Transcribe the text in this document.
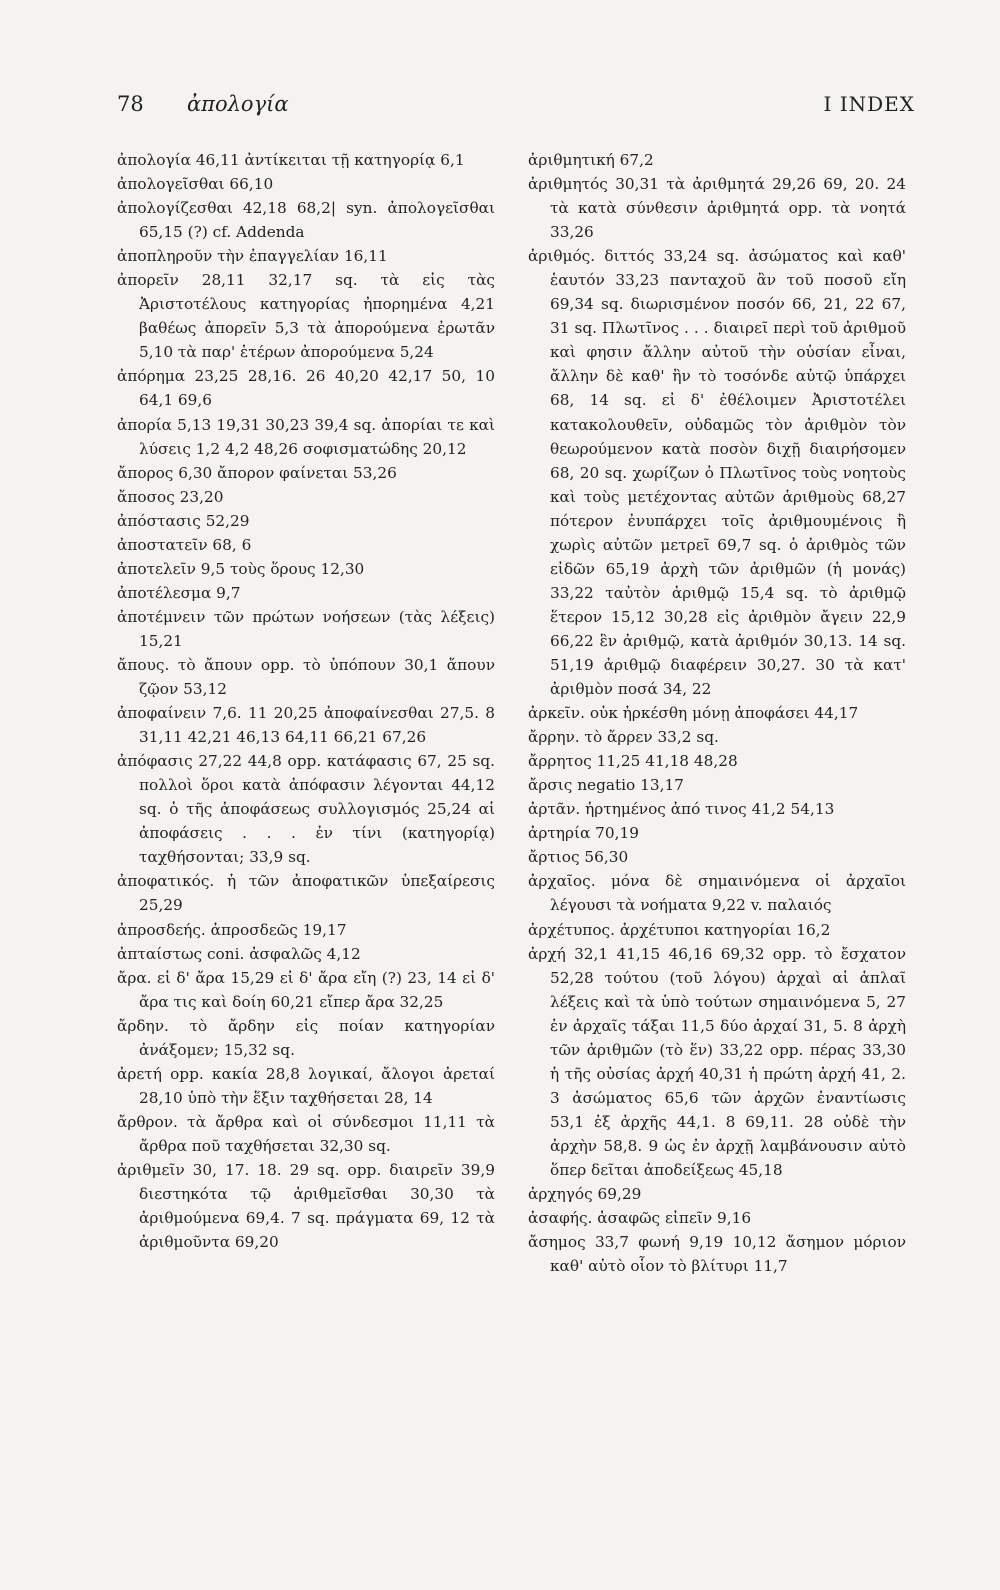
78 ἀπολογία	I INDEX

ἀπολογία 46,11 ἀντίκειται τῇ κατηγορίᾳ 6,1

ἀπολογεῖσθαι 66,10

ἀπολογίζεσθαι 42,18 68,2| syn. ἀπολογεῖσθαι 65,15 (?) cf. Addenda

ἀποπληροῦν τὴν ἐπαγγελίαν 16,11

ἀπορεῖν 28,11 32,17 sq. τὰ εἰς τὰς Ἀριστοτέλους κατηγορίας ἠπορημένα 4,21 βαθέως ἀπορεῖν 5,3 τὰ ἀπορούμενα ἐρωτᾶν 5,10 τὰ παρ' ἑτέρων ἀπορούμενα 5,24

ἀπόρημα 23,25 28,16. 26 40,20 42,17 50, 10 64,1 69,6

ἀπορία 5,13 19,31 30,23 39,4 sq. ἀπορίαι τε καὶ λύσεις 1,2 4,2 48,26 σοφισματώδης 20,12

ἄπορος 6,30 ἄπορον φαίνεται 53,26

ἄποσος 23,20

ἀπόστασις 52,29

ἀποστατεῖν 68, 6

ἀποτελεῖν 9,5 τοὺς ὅρους 12,30

ἀποτέλεσμα 9,7

ἀποτέμνειν τῶν πρώτων νοήσεων (τὰς λέξεις) 15,21

ἄπους. τὸ ἄπουν opp. τὸ ὑπόπουν 30,1 ἄπουν ζῷον 53,12

ἀποφαίνειν 7,6. 11 20,25 ἀποφαίνεσθαι 27,5. 8 31,11 42,21 46,13 64,11 66,21 67,26

ἀπόφασις 27,22 44,8 opp. κατάφασις 67, 25 sq. πολλοὶ ὅροι κατὰ ἀπόφασιν λέγονται 44,12 sq. ὁ τῆς ἀποφάσεως συλλογισμός 25,24 αἱ ἀποφάσεις . . . ἐν τίνι (κατηγορίᾳ) ταχθήσονται; 33,9 sq.

ἀποφατικός. ἡ τῶν ἀποφατικῶν ὑπεξαίρεσις 25,29

ἀπροσδεής. ἀπροσδεῶς 19,17

ἀπταίστως coni. ἀσφαλῶς 4,12

ἄρα. εἰ δ' ἄρα 15,29 εἰ δ' ἄρα εἴη (?) 23, 14 εἰ δ' ἄρα τις καὶ δοίη 60,21 εἴπερ ἄρα 32,25

ἄρδην. τὸ ἄρδην εἰς ποίαν κατηγορίαν ἀνάξομεν; 15,32 sq.

ἀρετή opp. κακία 28,8 λογικαί, ἄλογοι ἀρεταί 28,10 ὑπὸ τὴν ἕξιν ταχθήσεται 28, 14

ἄρθρον. τὰ ἄρθρα καὶ οἱ σύνδεσμοι 11,11 τὰ ἄρθρα ποῦ ταχθήσεται 32,30 sq.

ἀριθμεῖν 30, 17. 18. 29 sq. opp. διαιρεῖν 39,9 διεστηκότα τῷ ἀριθμεῖσθαι 30,30 τὰ ἀριθμούμενα 69,4. 7 sq. πράγματα 69, 12 τὰ ἀριθμοῦντα 69,20

ἀριθμητική 67,2

ἀριθμητός 30,31 τὰ ἀριθμητά 29,26 69, 20. 24 τὰ κατὰ σύνθεσιν ἀριθμητά opp. τὰ νοητά 33,26

ἀριθμός. διττός 33,24 sq. ἀσώματος καὶ καθ' ἑαυτόν 33,23 πανταχοῦ ἂν τοῦ ποσοῦ εἴη 69,34 sq. διωρισμένον ποσόν 66, 21, 22 67, 31 sq. Πλωτῖνος . . . διαιρεῖ περὶ τοῦ ἀριθμοῦ καὶ φησιν ἄλλην αὐτοῦ τὴν οὐσίαν εἶναι, ἄλλην δὲ καθ' ἣν τὸ τοσόνδε αὐτῷ ὑπάρχει 68, 14 sq. εἰ δ' ἐθέλοιμεν Ἀριστοτέλει κατακολουθεῖν, οὐδαμῶς τὸν ἀριθμὸν τὸν θεωρούμενον κατὰ ποσὸν διχῇ διαιρήσομεν 68, 20 sq. χωρίζων ὁ Πλωτῖνος τοὺς νοητοὺς καὶ τοὺς μετέχοντας αὐτῶν ἀριθμοὺς 68,27 πότερον ἐνυπάρχει τοῖς ἀριθμουμένοις ἢ χωρὶς αὐτῶν μετρεῖ 69,7 sq. ὁ ἀριθμὸς τῶν εἰδῶν 65,19 ἀρχὴ τῶν ἀριθμῶν (ἡ μονάς) 33,22 ταὐτὸν ἀριθμῷ 15,4 sq. τὸ ἀριθμῷ ἕτερον 15,12 30,28 εἰς ἀριθμὸν ἄγειν 22,9 66,22 ἓν ἀριθμῷ, κατὰ ἀριθμόν 30,13. 14 sq. 51,19 ἀριθμῷ διαφέρειν 30,27. 30 τὰ κατ' ἀριθμὸν ποσά 34, 22

ἀρκεῖν. οὐκ ἠρκέσθη μόνῃ ἀποφάσει 44,17

ἄρρην. τὸ ἄρρεν 33,2 sq.

ἄρρητος 11,25 41,18 48,28

ἄρσις negatio 13,17

ἀρτᾶν. ἠρτημένος ἀπό τινος 41,2 54,13

ἀρτηρία 70,19

ἄρτιος 56,30

ἀρχαῖος. μόνα δὲ σημαινόμενα οἱ ἀρχαῖοι λέγουσι τὰ νοήματα 9,22 v. παλαιός

ἀρχέτυπος. ἀρχέτυποι κατηγορίαι 16,2

ἀρχή 32,1 41,15 46,16 69,32 opp. τὸ ἔσχατον 52,28 τούτου (τοῦ λόγου) ἀρχαὶ αἱ ἁπλαῖ λέξεις καὶ τὰ ὑπὸ τούτων σημαινόμενα 5, 27 ἐν ἀρχαῖς τάξαι 11,5 δύο ἀρχαί 31, 5. 8 ἀρχὴ τῶν ἀριθμῶν (τὸ ἕν) 33,22 opp. πέρας 33,30 ἡ τῆς οὐσίας ἀρχή 40,31 ἡ πρώτη ἀρχή 41, 2. 3 ἀσώματος 65,6 τῶν ἀρχῶν ἐναντίωσις 53,1 ἐξ ἀρχῆς 44,1. 8 69,11. 28 οὐδὲ τὴν ἀρχὴν 58,8. 9 ὡς ἐν ἀρχῇ λαμβάνουσιν αὐτὸ ὅπερ δεῖται ἀποδείξεως 45,18

ἀρχηγός 69,29

ἀσαφής. ἀσαφῶς εἰπεῖν 9,16

ἄσημος 33,7 φωνή 9,19 10,12 ἄσημον μόριον καθ' αὑτὸ οἷον τὸ βλίτυρι 11,7
